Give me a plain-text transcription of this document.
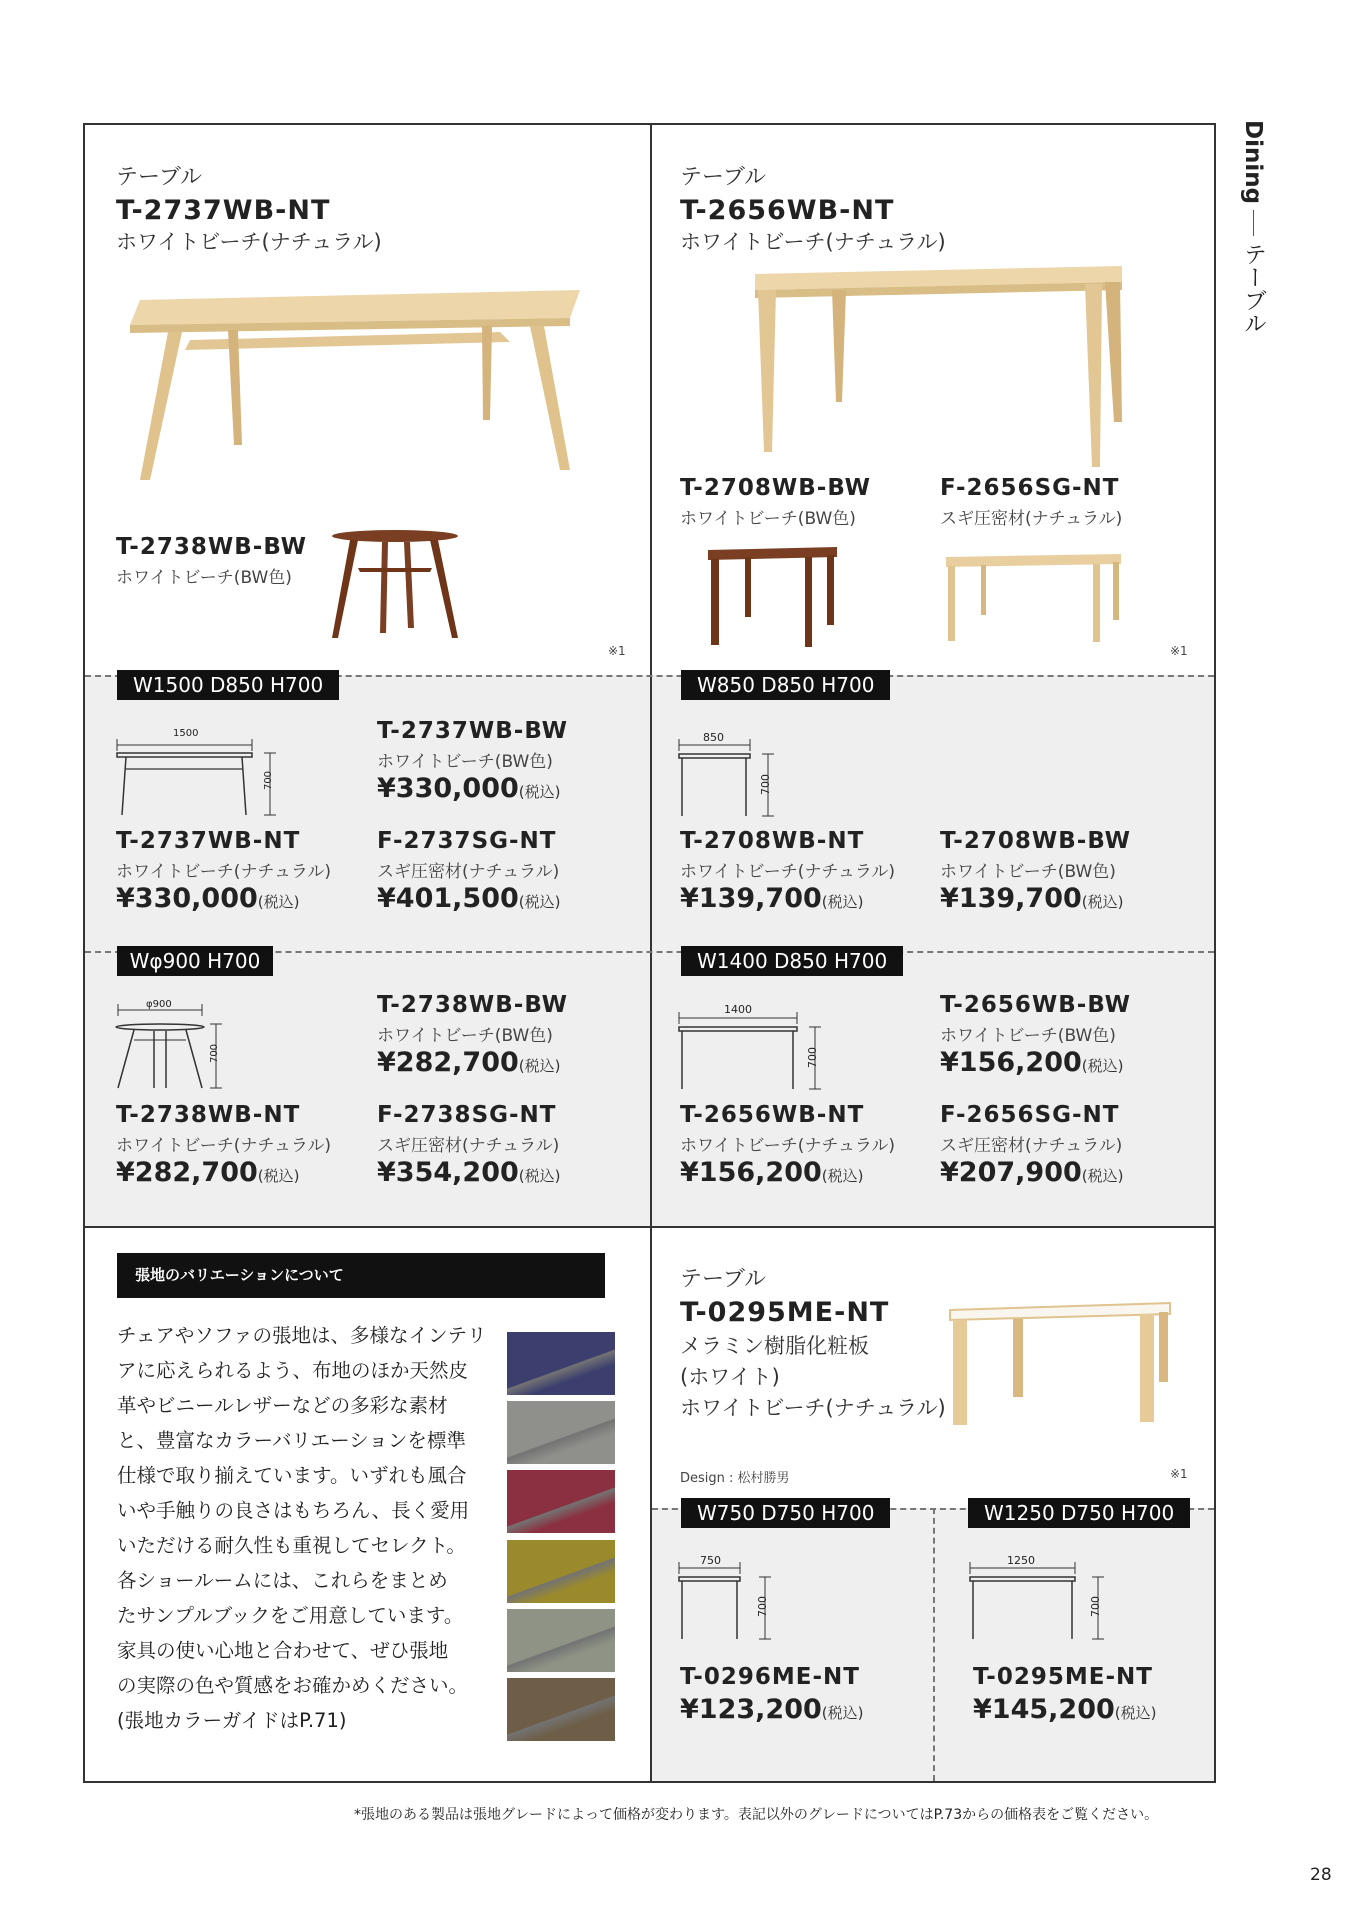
Diningテーブル
テーブル
T-2737WB-NT
ホワイトビーチ(ナチュラル)
T-2738WB-BW
ホワイトビーチ(BW色)
※1
テーブル
T-2656WB-NT
ホワイトビーチ(ナチュラル)
T-2708WB-BW
ホワイトビーチ(BW色)
F-2656SG-NT
スギ圧密材(ナチュラル)
※1
W1500 D850 H700
1500
700
T-2737WB-BW
ホワイトビーチ(BW色)
¥330,000(税込)
T-2737WB-NT
ホワイトビーチ(ナチュラル)
¥330,000(税込)
F-2737SG-NT
スギ圧密材(ナチュラル)
¥401,500(税込)
W850 D850 H700
850
700
T-2708WB-NT
ホワイトビーチ(ナチュラル)
¥139,700(税込)
T-2708WB-BW
ホワイトビーチ(BW色)
¥139,700(税込)
Wφ900 H700
φ900
700
T-2738WB-BW
ホワイトビーチ(BW色)
¥282,700(税込)
T-2738WB-NT
ホワイトビーチ(ナチュラル)
¥282,700(税込)
F-2738SG-NT
スギ圧密材(ナチュラル)
¥354,200(税込)
W1400 D850 H700
1400
700
T-2656WB-BW
ホワイトビーチ(BW色)
¥156,200(税込)
T-2656WB-NT
ホワイトビーチ(ナチュラル)
¥156,200(税込)
F-2656SG-NT
スギ圧密材(ナチュラル)
¥207,900(税込)
張地のバリエーションについて
チェアやソファの張地は、多様なインテリ
アに応えられるよう、布地のほか天然皮
革やビニールレザーなどの多彩な素材
と、豊富なカラーバリエーションを標準
仕様で取り揃えています。いずれも風合
いや手触りの良さはもちろん、長く愛用
いただける耐久性も重視してセレクト。
各ショールームには、これらをまとめ
たサンプルブックをご用意しています。
家具の使い心地と合わせて、ぜひ張地
の実際の色や質感をお確かめください。
(張地カラーガイドはP.71)
テーブル
T-0295ME-NT
メラミン樹脂化粧板
(ホワイト)
ホワイトビーチ(ナチュラル)
Design : 松村勝男	※1
W750 D750 H700
750
700
T-0296ME-NT
¥123,200(税込)
W1250 D750 H700
1250
700
T-0295ME-NT
¥145,200(税込)
*張地のある製品は張地グレードによって価格が変わります。表記以外のグレードについてはP.73からの価格表をご覧ください。
28
